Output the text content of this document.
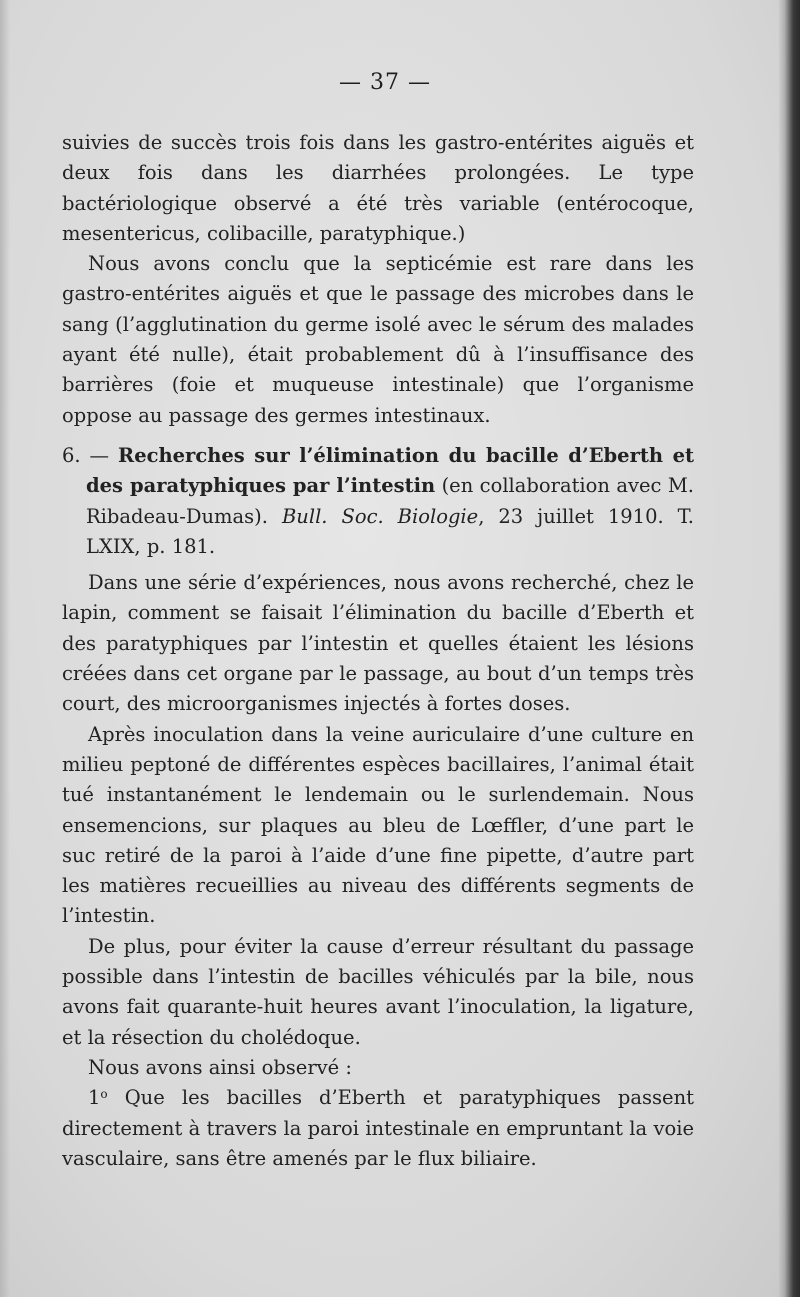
— 37 —

suivies de succès trois fois dans les gastro-entérites aiguës et deux fois dans les diarrhées prolongées. Le type bactériologique observé a été très variable (entérocoque, mesentericus, colibacille, paratyphique.)

Nous avons conclu que la septicémie est rare dans les gastro-entérites aiguës et que le passage des microbes dans le sang (l’agglutination du germe isolé avec le sérum des malades ayant été nulle), était probablement dû à l’insuffisance des barrières (foie et muqueuse intestinale) que l’organisme oppose au passage des germes intestinaux.

6. — Recherches sur l’élimination du bacille d’Eberth et des paratyphiques par l’intestin (en collaboration avec M. Ribadeau-Dumas). Bull. Soc. Biologie, 23 juillet 1910. T. LXIX, p. 181.

Dans une série d’expériences, nous avons recherché, chez le lapin, comment se faisait l’élimination du bacille d’Eberth et des paratyphiques par l’intestin et quelles étaient les lésions créées dans cet organe par le passage, au bout d’un temps très court, des microorganismes injectés à fortes doses.

Après inoculation dans la veine auriculaire d’une culture en milieu peptoné de différentes espèces bacillaires, l’animal était tué instantanément le lendemain ou le surlendemain. Nous ensemencions, sur plaques au bleu de Lœffler, d’une part le suc retiré de la paroi à l’aide d’une fine pipette, d’autre part les matières recueillies au niveau des différents segments de l’intestin.

De plus, pour éviter la cause d’erreur résultant du passage possible dans l’intestin de bacilles véhiculés par la bile, nous avons fait quarante-huit heures avant l’inoculation, la ligature, et la résection du cholédoque.

Nous avons ainsi observé :

1$^o$ Que les bacilles d’Eberth et paratyphiques passent directement à travers la paroi intestinale en empruntant la voie vasculaire, sans être amenés par le flux biliaire.
